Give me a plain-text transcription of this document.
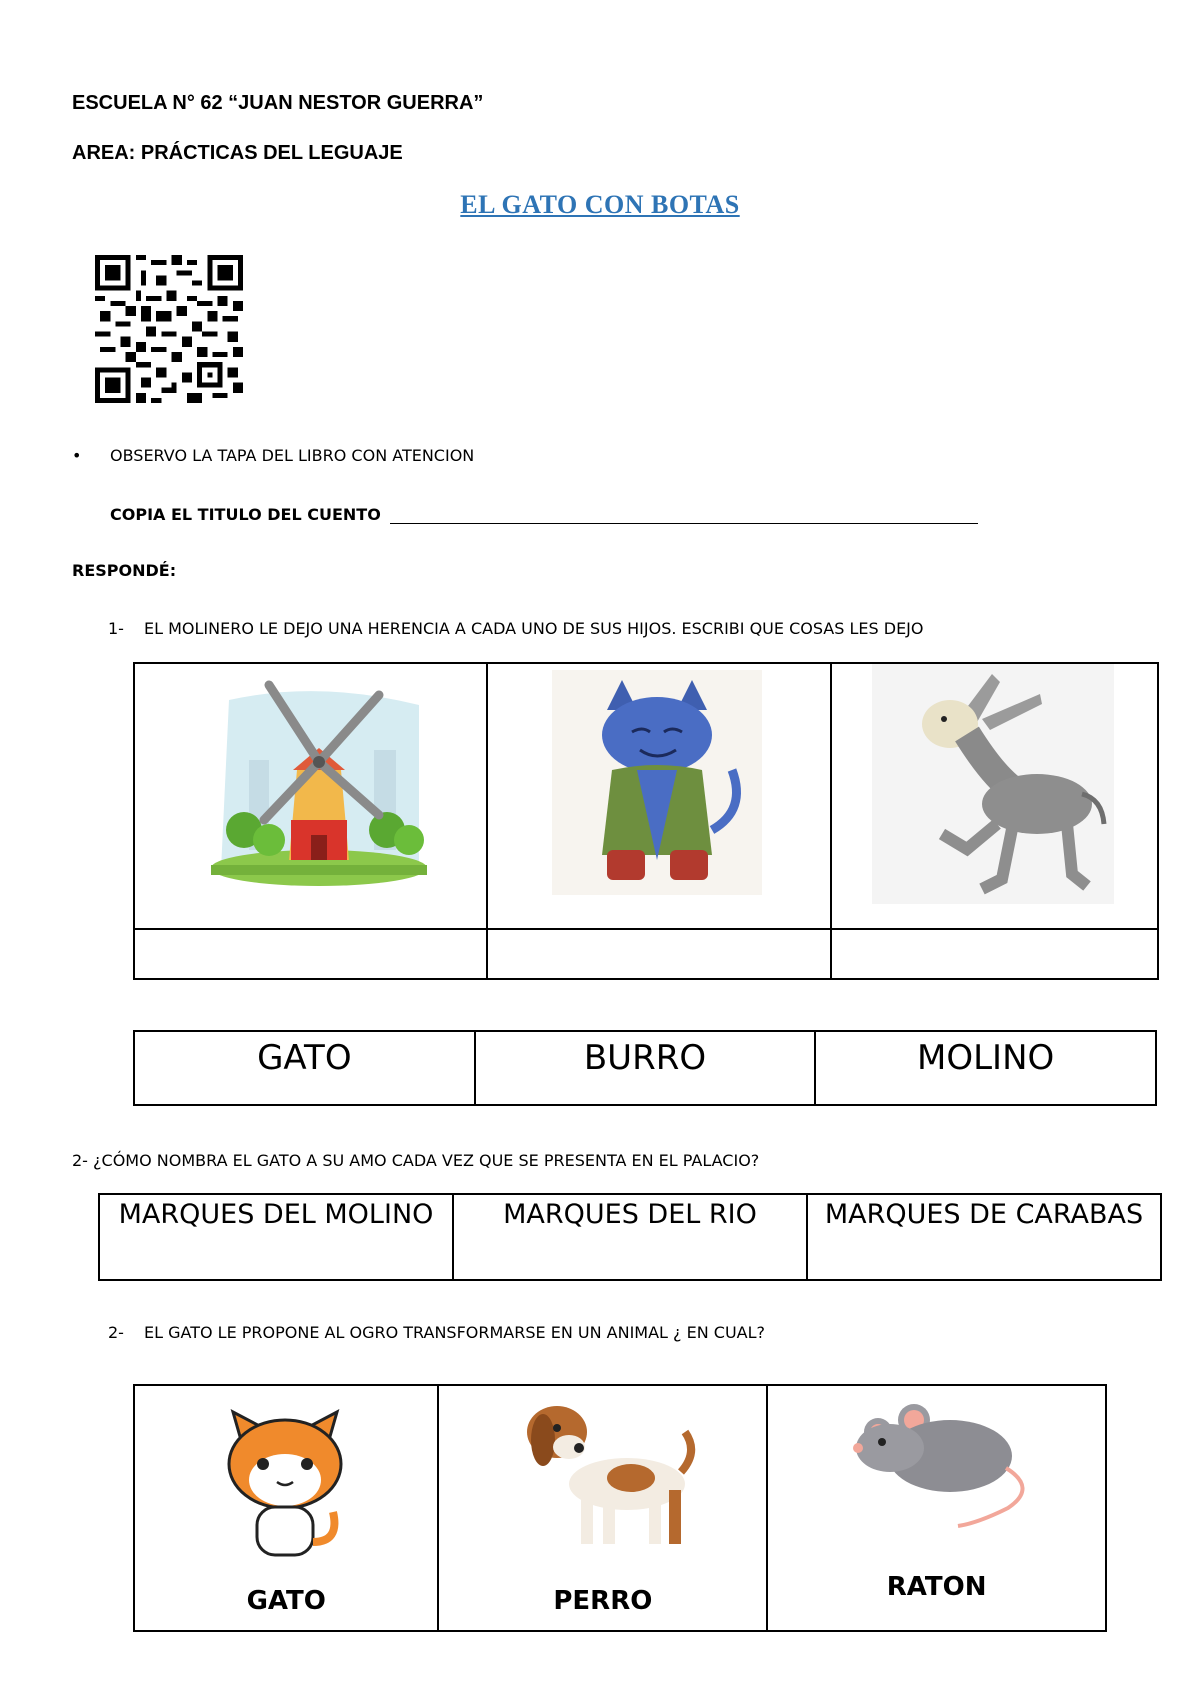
ESCUELA N° 62 “JUAN NESTOR GUERRA”
AREA: PRÁCTICAS DEL LEGUAJE
EL GATO CON BOTAS
• OBSERVO LA TAPA DEL LIBRO CON ATENCION
COPIA EL TITULO DEL CUENTO
RESPONDÉ:
1- EL MOLINERO LE DEJO UNA HERENCIA A CADA UNO DE SUS HIJOS. ESCRIBI QUE COSAS LES DEJO

GATO	BURRO	MOLINO
2- ¿CÓMO NOMBRA EL GATO A SU AMO CADA VEZ QUE SE PRESENTA EN EL PALACIO?
MARQUES DEL MOLINO	MARQUES DEL RIO	MARQUES DE CARABAS
2- EL GATO LE PROPONE AL OGRO TRANSFORMARSE EN UN ANIMAL ¿ EN CUAL?
GATO	PERRO	RATON
